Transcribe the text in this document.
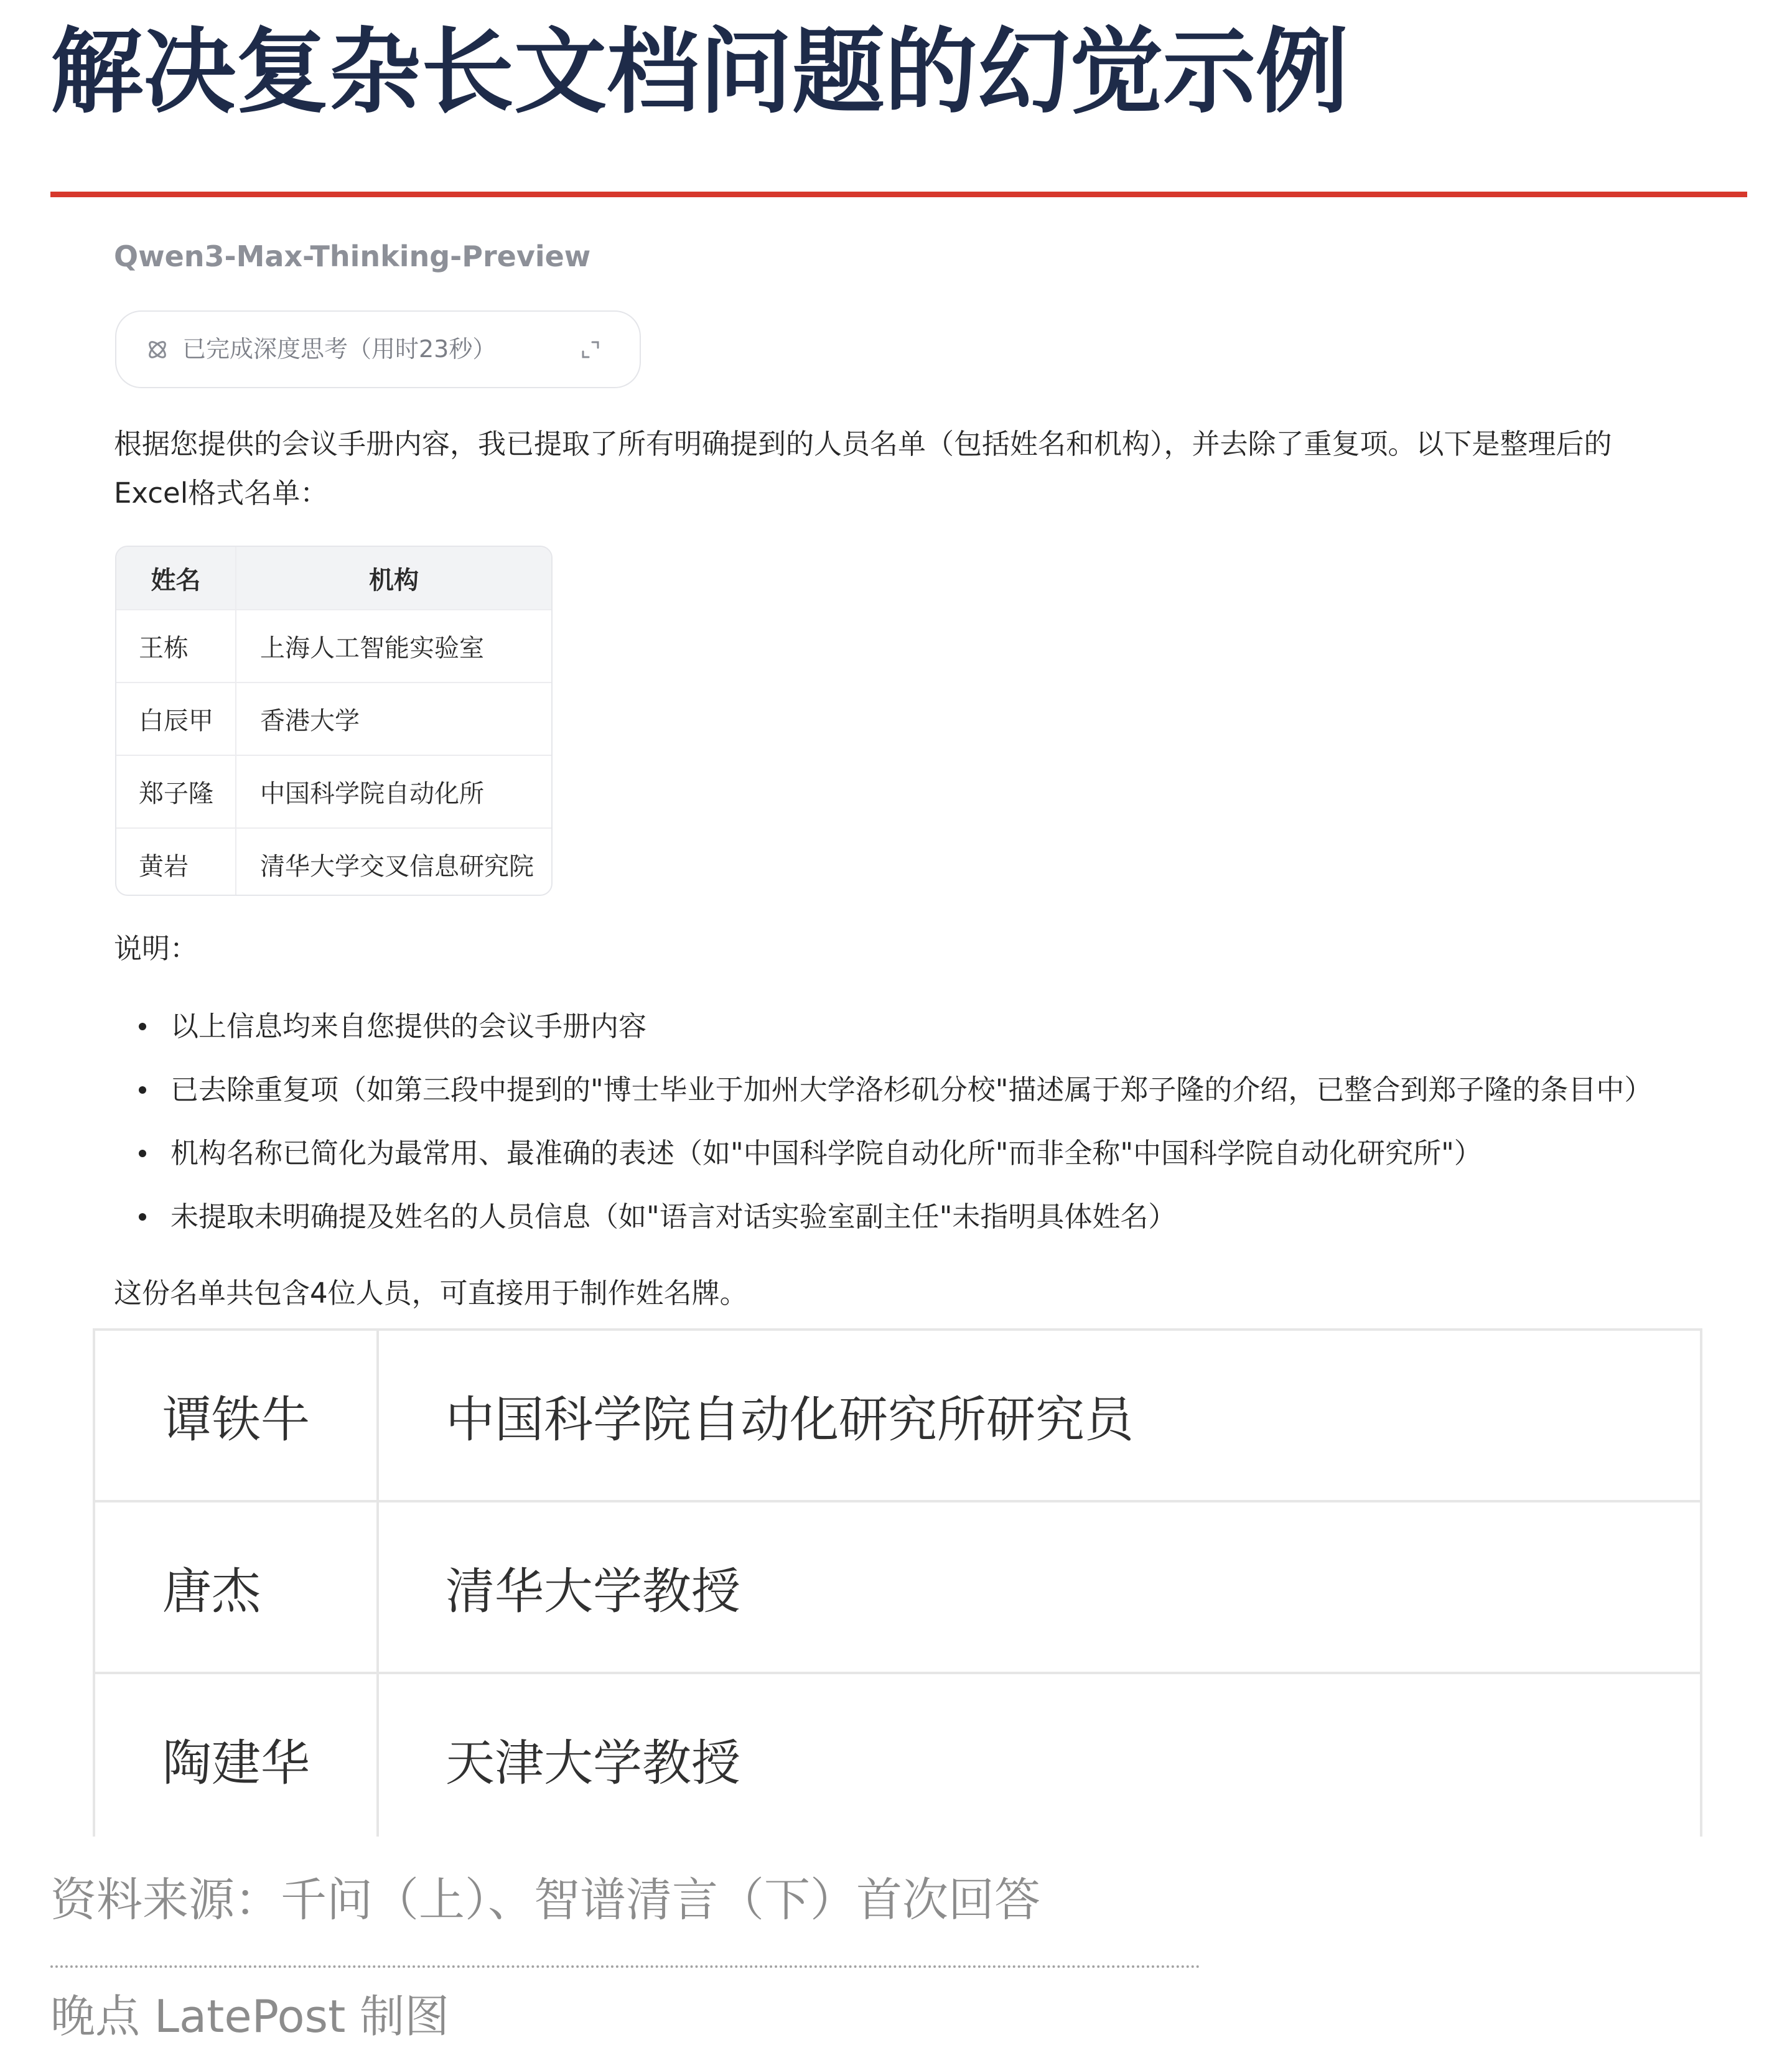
解决复杂长文档问题的幻觉示例
Qwen3-Max-Thinking-Preview
已完成深度思考（用时23秒）
根据您提供的会议手册内容，我已提取了所有明确提到的人员名单（包括姓名和机构），并去除了重复项。以下是整理后的
Excel格式名单：
姓名	机构
王栋	上海人工智能实验室
白辰甲	香港大学
郑子隆	中国科学院自动化所
黄岩	清华大学交叉信息研究院
说明：
以上信息均来自您提供的会议手册内容
已去除重复项（如第三段中提到的"博士毕业于加州大学洛杉矶分校"描述属于郑子隆的介绍，已整合到郑子隆的条目中）
机构名称已简化为最常用、最准确的表述（如"中国科学院自动化所"而非全称"中国科学院自动化研究所"）
未提取未明确提及姓名的人员信息（如"语言对话实验室副主任"未指明具体姓名）
这份名单共包含4位人员，可直接用于制作姓名牌。
谭铁牛	中国科学院自动化研究所研究员
唐杰	清华大学教授
陶建华	天津大学教授
资料来源：千问（上）、智谱清言（下）首次回答
晚点 LatePost 制图
